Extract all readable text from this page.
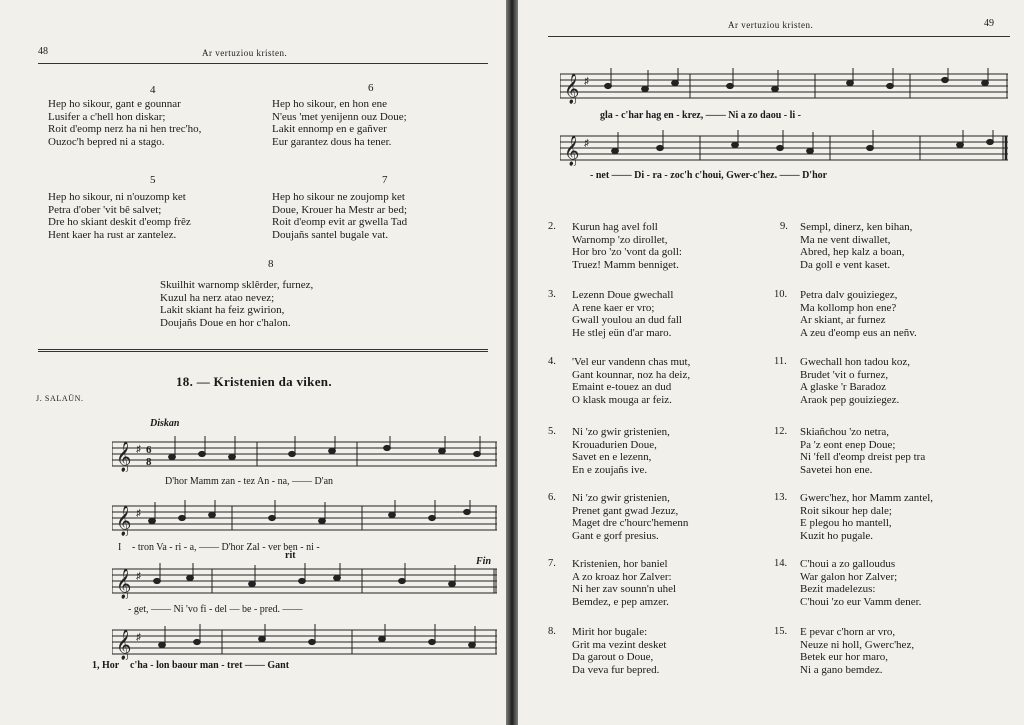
48	Ar vertuziou kristen.
4
Hep ho sikour, gant e gounnar
Lusifer a c'hell hon diskar;
Roit d'eomp nerz ha ni hen trec'ho,
Ouzoc'h bepred ni a stago.
6
Hep ho sikour, en hon ene
N'eus 'met yenijenn ouz Doue;
Lakit ennomp en e gañver
Eur garantez dous ha tener.
5
Hep ho sikour, ni n'ouzomp ket
Petra d'ober 'vit bê salvet;
Dre ho skiant deskit d'eomp frêz
Hent kaer ha rust ar zantelez.
7
Hep ho sikour ne zoujomp ket
Doue, Krouer ha Mestr ar bed;
Roit d'eomp evit ar gwella Tad
Doujañs santel bugale vat.
8
Skuilhit warnomp sklêrder, furnez,
Kuzul ha nerz atao nevez;
Lakit skiant ha feiz gwirion,
Doujañs Doue en hor c'halon.
18. — Kristenien da viken.
J. SALAÜN.
Diskan
𝄞 ♯ 6
8
D'hor Mamm zan - tez An - na, —— D'an
𝄞 ♯
I - tron Va - ri - a, —— D'hor Zal - ver ben - ni -
rit
Fin
𝄞 ♯
- get, —— Ni 'vo fi - del — be - pred. ——
𝄞 ♯
1, Hor c'ha - lon baour man - tret —— Gant
Ar vertuziou kristen.	49
𝄞 ♯
gla - c'har hag en - krez, —— Ni a zo daou - li -
𝄞 ♯
- net —— Di - ra - zoc'h c'houi, Gwer-c'hez. —— D'hor
2. Kurun hag avel foll
Warnomp 'zo dirollet,
Hor bro 'zo 'vont da goll:
Truez! Mamm benniget.
3. Lezenn Doue gwechall
A rene kaer er vro;
Gwall youlou an dud fall
He stlej eün d'ar maro.
4. 'Vel eur vandenn chas mut,
Gant kounnar, noz ha deiz,
Emaint e-touez an dud
O klask mouga ar feiz.
5. Ni 'zo gwir gristenien,
Krouadurien Doue,
Savet en e lezenn,
En e zoujañs ive.
6. Ni 'zo gwir gristenien,
Prenet gant gwad Jezuz,
Maget dre c'hourc'hemenn
Gant e gorf presius.
7. Kristenien, hor baniel
A zo kroaz hor Zalver:
Ni her zav sounn'n uhel
Bemdez, e pep amzer.
8. Mirit hor bugale:
Grit ma vezint desket
Da garout o Doue,
Da veva fur bepred.
9. Sempl, dinerz, ken bihan,
Ma ne vent diwallet,
Abred, hep kalz a boan,
Da goll e vent kaset.
10. Petra dalv gouiziegez,
Ma kollomp hon ene?
Ar skiant, ar furnez
A zeu d'eomp eus an neñv.
11. Gwechall hon tadou koz,
Brudet 'vit o furnez,
A glaske 'r Baradoz
Araok pep gouiziegez.
12. Skiañchou 'zo netra,
Pa 'z eont enep Doue;
Ni 'fell d'eomp dreist pep tra
Savetei hon ene.
13. Gwerc'hez, hor Mamm zantel,
Roit sikour hep dale;
E plegou ho mantell,
Kuzit ho pugale.
14. C'houi a zo galloudus
War galon hor Zalver;
Bezit madelezus:
C'houi 'zo eur Vamm dener.
15. E pevar c'horn ar vro,
Neuze ni holl, Gwerc'hez,
Betek eur hor maro,
Ni a gano bemdez.
